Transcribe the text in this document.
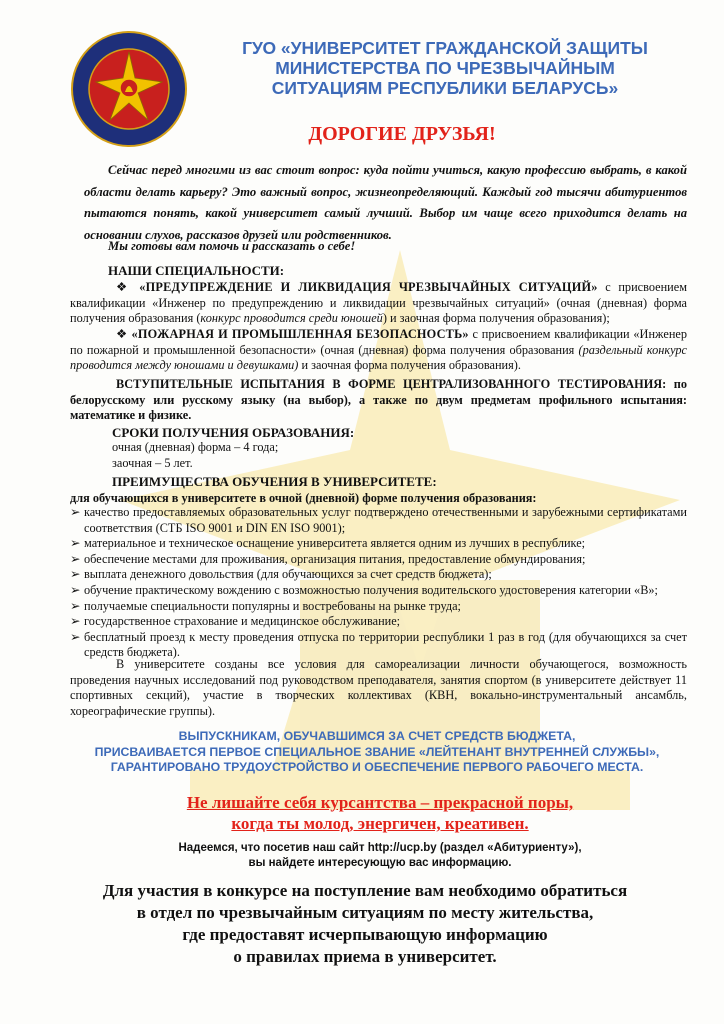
ГУО «УНИВЕРСИТЕТ ГРАЖДАНСКОЙ ЗАЩИТЫ
МИНИСТЕРСТВА ПО ЧРЕЗВЫЧАЙНЫМ
СИТУАЦИЯМ РЕСПУБЛИКИ БЕЛАРУСЬ»
ДОРОГИЕ ДРУЗЬЯ!

Сейчас перед многими из вас стоит вопрос: куда пойти учиться, какую профессию выбрать, в какой области делать карьеру? Это важный вопрос, жизнеопределяющий. Каждый год тысячи абитуриентов пытаются понять, какой университет самый лучший. Выбор им чаще всего приходится делать на основании слухов, рассказов друзей или родственников.

Мы готовы вам помочь и рассказать о себе!

НАШИ СПЕЦИАЛЬНОСТИ:

❖ «ПРЕДУПРЕЖДЕНИЕ И ЛИКВИДАЦИЯ ЧРЕЗВЫЧАЙНЫХ СИТУАЦИЙ» с присвоением квалификации «Инженер по предупреждению и ликвидации чрезвычайных ситуаций» (очная (дневная) форма получения образования (конкурс проводится среди юношей) и заочная форма получения образования);

❖ «ПОЖАРНАЯ И ПРОМЫШЛЕННАЯ БЕЗОПАСНОСТЬ» с присвоением квалификации «Инженер по пожарной и промышленной безопасности» (очная (дневная) форма получения образования (раздельный конкурс проводится между юношами и девушками) и заочная форма получения образования).

ВСТУПИТЕЛЬНЫЕ ИСПЫТАНИЯ В ФОРМЕ ЦЕНТРАЛИЗОВАННОГО ТЕСТИРОВАНИЯ: по белорусскому или русскому языку (на выбор), а также по двум предметам профильного испытания: математике и физике.

СРОКИ ПОЛУЧЕНИЯ ОБРАЗОВАНИЯ:

очная (дневная) форма – 4 года;

заочная – 5 лет.

ПРЕИМУЩЕСТВА ОБУЧЕНИЯ В УНИВЕРСИТЕТЕ:

для обучающихся в университете в очной (дневной) форме получения образования:

➢ качество предоставляемых образовательных услуг подтверждено отечественными и зарубежными сертификатами соответствия (СТБ ISO 9001 и DIN EN ISO 9001);
➢ материальное и техническое оснащение университета является одним из лучших в республике;
➢ обеспечение местами для проживания, организация питания, предоставление обмундирования;
➢ выплата денежного довольствия (для обучающихся за счет средств бюджета);
➢ обучение практическому вождению с возможностью получения водительского удостоверения категории «В»;
➢ получаемые специальности популярны и востребованы на рынке труда;
➢ государственное страхование и медицинское обслуживание;
➢ бесплатный проезд к месту проведения отпуска по территории республики 1 раз в год (для обучающихся за счет средств бюджета).

В университете созданы все условия для самореализации личности обучающегося, возможность проведения научных исследований под руководством преподавателя, занятия спортом (в университете действует 11 спортивных секций), участие в творческих коллективах (КВН, вокально-инструментальный ансамбль, хореографические группы).

ВЫПУСКНИКАМ, ОБУЧАВШИМСЯ ЗА СЧЕТ СРЕДСТВ БЮДЖЕТА,
ПРИСВАИВАЕТСЯ ПЕРВОЕ СПЕЦИАЛЬНОЕ ЗВАНИЕ «ЛЕЙТЕНАНТ ВНУТРЕННЕЙ СЛУЖБЫ»,
ГАРАНТИРОВАНО ТРУДОУСТРОЙСТВО И ОБЕСПЕЧЕНИЕ ПЕРВОГО РАБОЧЕГО МЕСТА.

Не лишайте себя курсантства – прекрасной поры,
когда ты молод, энергичен, креативен.

Надеемся, что посетив наш сайт http://ucp.by (раздел «Абитуриенту»),
вы найдете интересующую вас информацию.

Для участия в конкурсе на поступление вам необходимо обратиться
в отдел по чрезвычайным ситуациям по месту жительства,
где предоставят исчерпывающую информацию
о правилах приема в университет.
